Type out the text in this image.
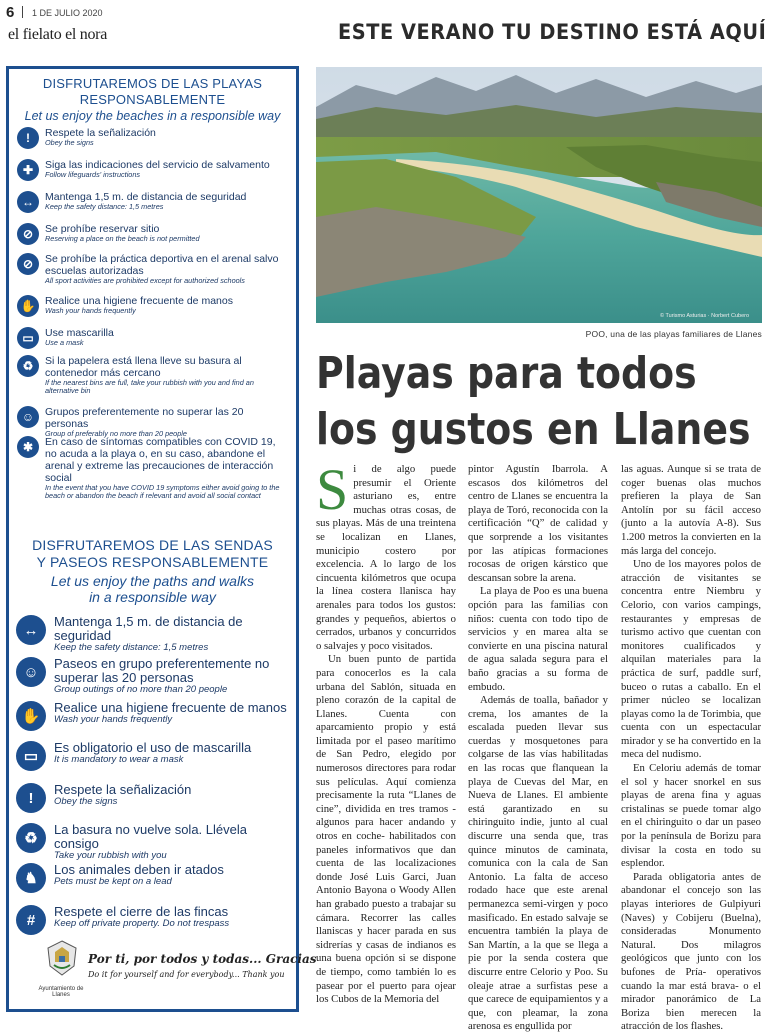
6 1 DE JULIO 2020
el fielato el nora	ESTE VERANO TU DESTINO ESTÁ AQUÍ
DISFRUTAREMOS DE LAS PLAYAS
RESPONSABLEMENTE
Let us enjoy the beaches in a responsible way
!	Respete la señalización
Obey the signs
✚	Siga las indicaciones del servicio de salvamento
Follow lifeguards' instructions
↔	Mantenga 1,5 m. de distancia de seguridad
Keep the safety distance: 1,5 metres
⊘	Se prohíbe reservar sitio
Reserving a place on the beach is not permitted
⊘	Se prohíbe la práctica deportiva en el arenal salvo escuelas autorizadas
All sport activities are prohibited except for authorized schools
✋ Realice una higiene frecuente de manos
Wash your hands frequently
▭	Use mascarilla
Use a mask
♻	Si la papelera está llena lleve su basura al contenedor más cercano
If the nearest bins are full, take your rubbish with you and find an alternative bin
☺	Grupos preferentemente no superar las 20 personas
Group of preferably no more than 20 people
✱	En caso de síntomas compatibles con COVID 19, no acuda a la playa o, en su caso, abandone el arenal y extreme las precauciones de interacción social
In the event that you have COVID 19 symptoms either avoid going to the beach or abandon the beach if relevant and avoid all social contact
DISFRUTAREMOS DE LAS SENDAS
Y PASEOS RESPONSABLEMENTE
Let us enjoy the paths and walks
in a responsible way
↔	Mantenga 1,5 m. de distancia de seguridad
Keep the safety distance: 1,5 metres
☺	Paseos en grupo preferentemente no superar las 20 personas
Group outings of no more than 20 people
✋
Realice una higiene frecuente de manos
Wash your hands frequently
▭
Es obligatorio el uso de mascarilla
It is mandatory to wear a mask
!	Respete la señalización
Obey the signs
♻
La basura no vuelve sola. Llévela consigo
Take your rubbish with you
♞
Los animales deben ir atados
Pets must be kept on a lead
#	Respete el cierre de las fincas
Keep off private property. Do not trespass
Ayuntamiento de Llanes
Por ti, por todos y todas... Gracias
Do it for yourself and for everybody... Thank you
© Turismo Asturias · Norbert Cubero
POO, una de las playas familiares de Llanes
Playas para todos
los gustos en Llanes
S i de algo puede presumir el Oriente asturiano es, entre muchas otras cosas, de sus playas. Más de una treintena se localizan en Llanes, municipio costero por excelencia. A lo largo de los cincuenta kilómetros que ocupa la línea costera llanisca hay arenales para todos los gustos: grandes y pequeños, abiertos o cerrados, urbanos y concurridos o salvajes y poco visitados.

Un buen punto de partida para conocerlos es la cala urbana del Sablón, situada en pleno corazón de la capital de Llanes. Cuenta con aparcamiento propio y está limitada por el paseo marítimo de San Pedro, elegido por numerosos directores para rodar sus películas. Aquí comienza precisamente la ruta “Llanes de cine”, dividida en tres tramos -algunos para hacer andando y otros en coche- habilitados con paneles informativos que dan cuenta de las localizaciones donde José Luis Garci, Juan Antonio Bayona o Woody Allen han grabado puesto a trabajar su cámara. Recorrer las calles llaniscas y hacer parada en sus sidrerías y casas de indianos es una buena opción si se dispone de tiempo, como también lo es pasear por el puerto para ojear los Cubos de la Memoria del

pintor Agustín Ibarrola. A escasos dos kilómetros del centro de Llanes se encuentra la playa de Toró, reconocida con la certificación “Q” de calidad y que sorprende a los visitantes por las atípicas formaciones rocosas de origen kárstico que descansan sobre la arena.

La playa de Poo es una buena opción para las familias con niños: cuenta con todo tipo de servicios y en marea alta se convierte en una piscina natural de agua salada segura para el baño gracias a su forma de embudo.

Además de toalla, bañador y crema, los amantes de la escalada pueden llevar sus cuerdas y mosquetones para colgarse de las vías habilitadas en las rocas que flanquean la playa de Cuevas del Mar, en Nueva de Llanes. El ambiente está garantizado en su chiringuito indie, junto al cual discurre una senda que, tras quince minutos de caminata, comunica con la cala de San Antonio. La falta de acceso rodado hace que este arenal permanezca semi-virgen y poco masificado. En estado salvaje se encuentra también la playa de San Martín, a la que se llega a pie por la senda costera que discurre entre Celorio y Poo. Su oleaje atrae a surfistas pese a que carece de equipamientos y a que, con pleamar, la zona arenosa es engullida por

las aguas. Aunque si se trata de coger buenas olas muchos prefieren la playa de San Antolín por su fácil acceso (junto a la autovía A-8). Sus 1.200 metros la convierten en la más larga del concejo.

Uno de los mayores polos de atracción de visitantes se concentra entre Niembru y Celorio, con varios campings, restaurantes y empresas de turismo activo que cuentan con monitores cualificados y alquilan materiales para la práctica de surf, paddle surf, buceo o rutas a caballo. En el primer núcleo se localizan playas como la de Torimbia, que cuenta con un espectacular mirador y se ha convertido en la meca del nudismo.

En Celoriu además de tomar el sol y hacer snorkel en sus playas de arena fina y aguas cristalinas se puede tomar algo en el chiringuito o dar un paseo por la península de Borizu para divisar la costa en todo su esplendor.

Parada obligatoria antes de abandonar el concejo son las playas interiores de Gulpiyuri (Naves) y Cobijeru (Buelna), consideradas Monumento Natural. Dos milagros geológicos que junto con los bufones de Pría- operativos cuando la mar está brava- o el mirador panorámico de La Boriza bien merecen la atracción de los flashes.
